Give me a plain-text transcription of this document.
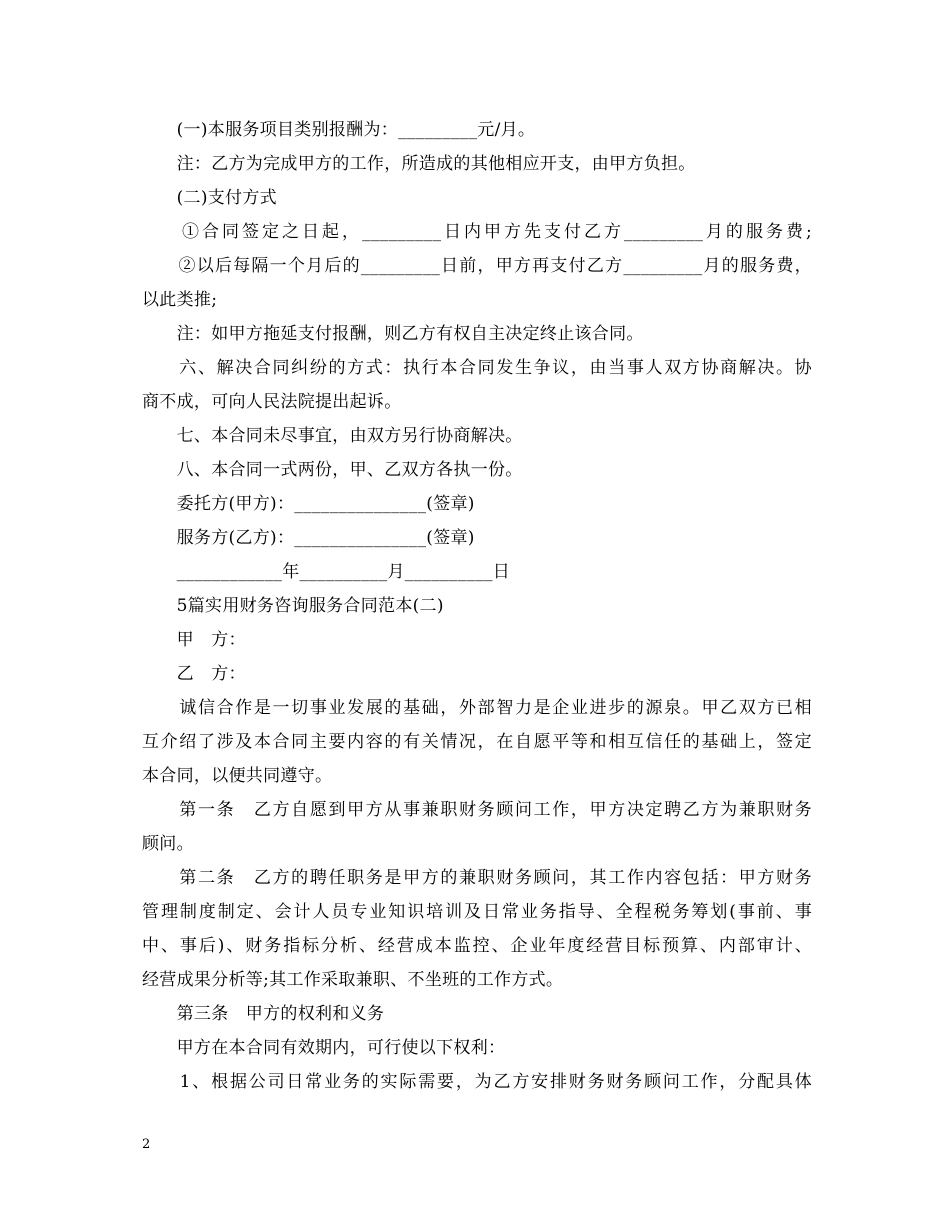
　　(一)本服务项目类别报酬为：_________元/月。
　　注：乙方为完成甲方的工作，所造成的其他相应开支，由甲方负担。
　　(二)支付方式
　　①合同签定之日起，_________日内甲方先支付乙方_________月的服务费;
　　②以后每隔一个月后的_________日前，甲方再支付乙方_________月的服务费，
以此类推;
　　注：如甲方拖延支付报酬，则乙方有权自主决定终止该合同。
　　六、解决合同纠纷的方式：执行本合同发生争议，由当事人双方协商解决。协
商不成，可向人民法院提出起诉。
　　七、本合同未尽事宜，由双方另行协商解决。
　　八、本合同一式两份，甲、乙双方各执一份。
　　委托方(甲方)：_______________(签章)
　　服务方(乙方)：_______________(签章)
　　____________年__________月__________日
　　5篇实用财务咨询服务合同范本(二)
　　甲　方：
　　乙　方：
　　诚信合作是一切事业发展的基础，外部智力是企业进步的源泉。甲乙双方已相
互介绍了涉及本合同主要内容的有关情况，在自愿平等和相互信任的基础上，签定
本合同，以便共同遵守。
　　第一条　乙方自愿到甲方从事兼职财务顾问工作，甲方决定聘乙方为兼职财务
顾问。
　　第二条　乙方的聘任职务是甲方的兼职财务顾问，其工作内容包括：甲方财务
管理制度制定、会计人员专业知识培训及日常业务指导、全程税务筹划(事前、事
中、事后)、财务指标分析、经营成本监控、企业年度经营目标预算、内部审计、
经营成果分析等;其工作采取兼职、不坐班的工作方式。
　　第三条　甲方的权利和义务
　　甲方在本合同有效期内，可行使以下权利：
　　1、根据公司日常业务的实际需要，为乙方安排财务财务顾问工作，分配具体
2
